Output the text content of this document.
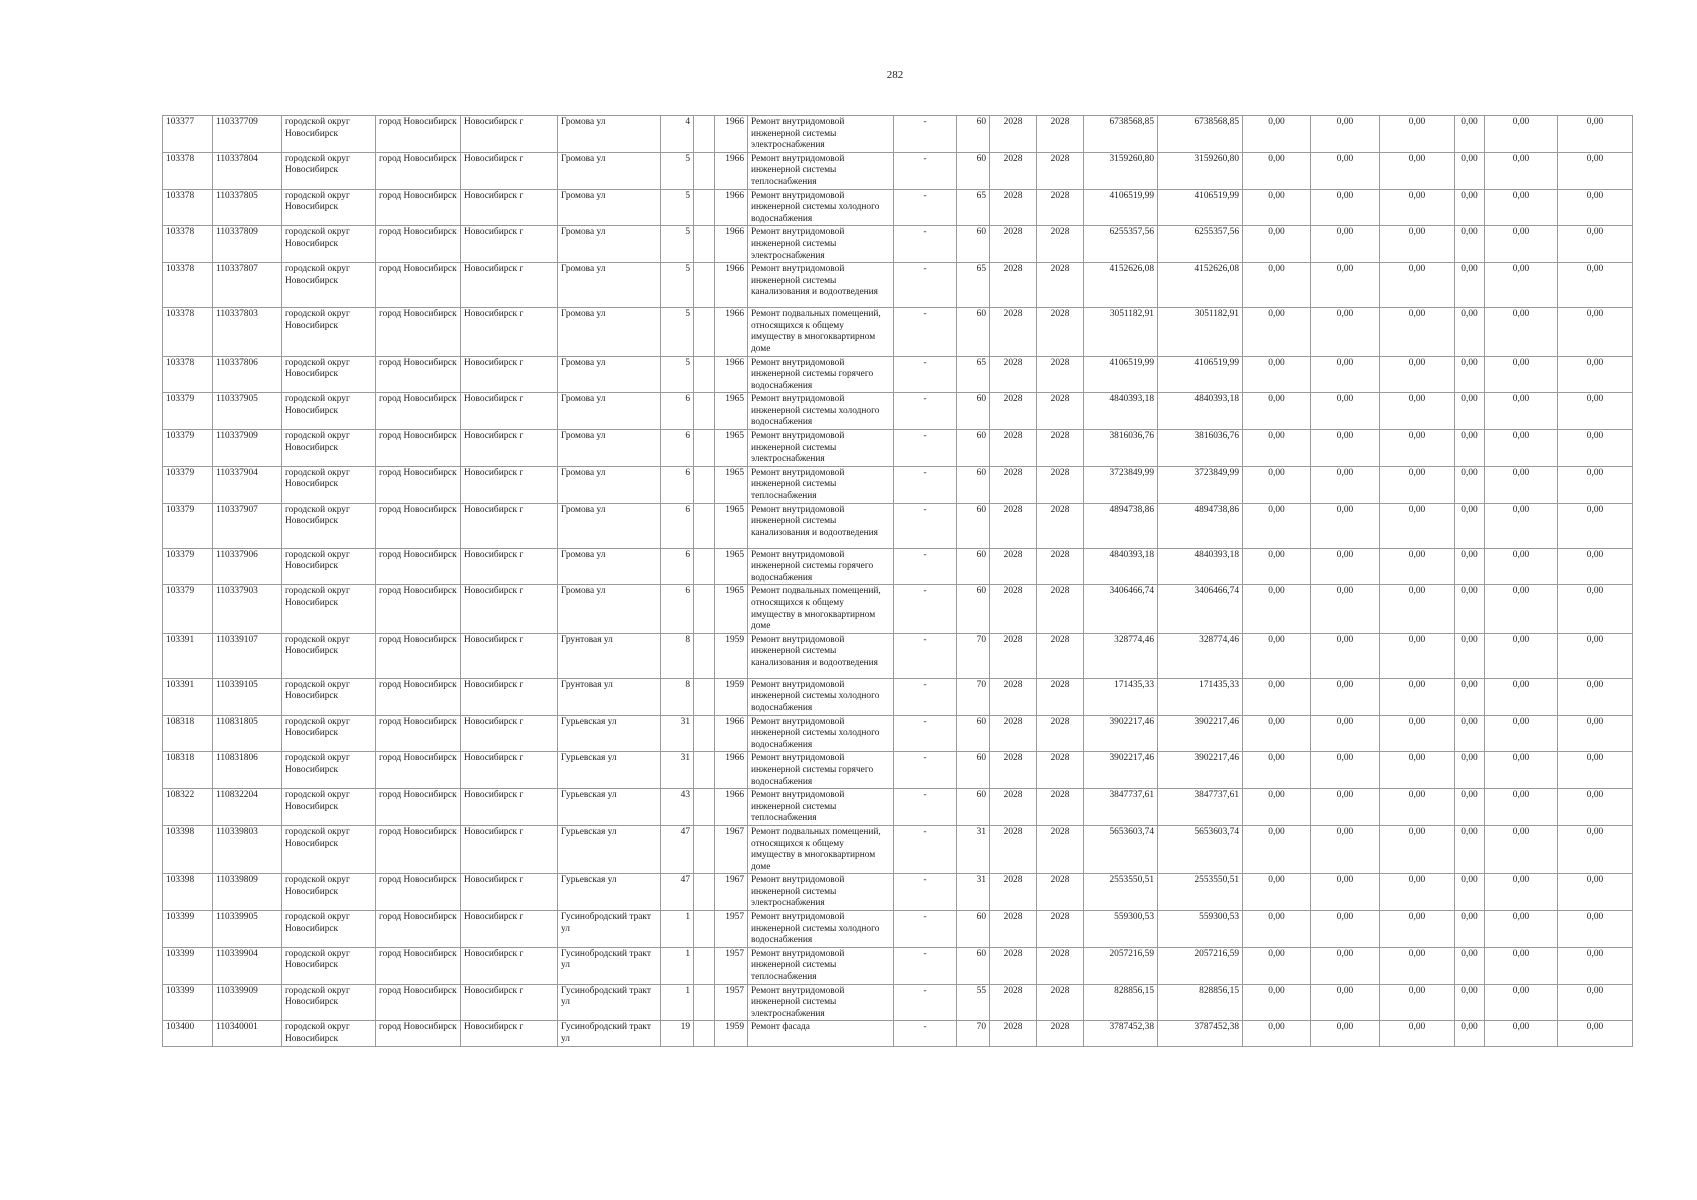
282
103377	110337709	городской округ Новосибирск	город Новосибирск	Новосибирск г	Громова ул	4		1966	Ремонт внутридомовой инженерной системы электроснабжения	-	60	2028	2028	6738568,85	6738568,85	0,00	0,00	0,00	0,00	0,00	0,00
103378	110337804	городской округ Новосибирск	город Новосибирск	Новосибирск г	Громова ул	5		1966	Ремонт внутридомовой инженерной системы теплоснабжения	-	60	2028	2028	3159260,80	3159260,80	0,00	0,00	0,00	0,00	0,00	0,00
103378	110337805	городской округ Новосибирск	город Новосибирск	Новосибирск г	Громова ул	5		1966	Ремонт внутридомовой инженерной системы холодного водоснабжения	-	65	2028	2028	4106519,99	4106519,99	0,00	0,00	0,00	0,00	0,00	0,00
103378	110337809	городской округ Новосибирск	город Новосибирск	Новосибирск г	Громова ул	5		1966	Ремонт внутридомовой инженерной системы электроснабжения	-	60	2028	2028	6255357,56	6255357,56	0,00	0,00	0,00	0,00	0,00	0,00
103378	110337807	городской округ Новосибирск	город Новосибирск	Новосибирск г	Громова ул	5		1966	Ремонт внутридомовой инженерной системы канализования и водоотведения	-	65	2028	2028	4152626,08	4152626,08	0,00	0,00	0,00	0,00	0,00	0,00
103378	110337803	городской округ Новосибирск	город Новосибирск	Новосибирск г	Громова ул	5		1966	Ремонт подвальных помещений, относящихся к общему имуществу в многоквартирном доме	-	60	2028	2028	3051182,91	3051182,91	0,00	0,00	0,00	0,00	0,00	0,00
103378	110337806	городской округ Новосибирск	город Новосибирск	Новосибирск г	Громова ул	5		1966	Ремонт внутридомовой инженерной системы горячего водоснабжения	-	65	2028	2028	4106519,99	4106519,99	0,00	0,00	0,00	0,00	0,00	0,00
103379	110337905	городской округ Новосибирск	город Новосибирск	Новосибирск г	Громова ул	6		1965	Ремонт внутридомовой инженерной системы холодного водоснабжения	-	60	2028	2028	4840393,18	4840393,18	0,00	0,00	0,00	0,00	0,00	0,00
103379	110337909	городской округ Новосибирск	город Новосибирск	Новосибирск г	Громова ул	6		1965	Ремонт внутридомовой инженерной системы электроснабжения	-	60	2028	2028	3816036,76	3816036,76	0,00	0,00	0,00	0,00	0,00	0,00
103379	110337904	городской округ Новосибирск	город Новосибирск	Новосибирск г	Громова ул	6		1965	Ремонт внутридомовой инженерной системы теплоснабжения	-	60	2028	2028	3723849,99	3723849,99	0,00	0,00	0,00	0,00	0,00	0,00
103379	110337907	городской округ Новосибирск	город Новосибирск	Новосибирск г	Громова ул	6		1965	Ремонт внутридомовой инженерной системы канализования и водоотведения	-	60	2028	2028	4894738,86	4894738,86	0,00	0,00	0,00	0,00	0,00	0,00
103379	110337906	городской округ Новосибирск	город Новосибирск	Новосибирск г	Громова ул	6		1965	Ремонт внутридомовой инженерной системы горячего водоснабжения	-	60	2028	2028	4840393,18	4840393,18	0,00	0,00	0,00	0,00	0,00	0,00
103379	110337903	городской округ Новосибирск	город Новосибирск	Новосибирск г	Громова ул	6		1965	Ремонт подвальных помещений, относящихся к общему имуществу в многоквартирном доме	-	60	2028	2028	3406466,74	3406466,74	0,00	0,00	0,00	0,00	0,00	0,00
103391	110339107	городской округ Новосибирск	город Новосибирск	Новосибирск г	Грунтовая ул	8		1959	Ремонт внутридомовой инженерной системы канализования и водоотведения	-	70	2028	2028	328774,46	328774,46	0,00	0,00	0,00	0,00	0,00	0,00
103391	110339105	городской округ Новосибирск	город Новосибирск	Новосибирск г	Грунтовая ул	8		1959	Ремонт внутридомовой инженерной системы холодного водоснабжения	-	70	2028	2028	171435,33	171435,33	0,00	0,00	0,00	0,00	0,00	0,00
108318	110831805	городской округ Новосибирск	город Новосибирск	Новосибирск г	Гурьевская ул	31		1966	Ремонт внутридомовой инженерной системы холодного водоснабжения	-	60	2028	2028	3902217,46	3902217,46	0,00	0,00	0,00	0,00	0,00	0,00
108318	110831806	городской округ Новосибирск	город Новосибирск	Новосибирск г	Гурьевская ул	31		1966	Ремонт внутридомовой инженерной системы горячего водоснабжения	-	60	2028	2028	3902217,46	3902217,46	0,00	0,00	0,00	0,00	0,00	0,00
108322	110832204	городской округ Новосибирск	город Новосибирск	Новосибирск г	Гурьевская ул	43		1966	Ремонт внутридомовой инженерной системы теплоснабжения	-	60	2028	2028	3847737,61	3847737,61	0,00	0,00	0,00	0,00	0,00	0,00
103398	110339803	городской округ Новосибирск	город Новосибирск	Новосибирск г	Гурьевская ул	47		1967	Ремонт подвальных помещений, относящихся к общему имуществу в многоквартирном доме	-	31	2028	2028	5653603,74	5653603,74	0,00	0,00	0,00	0,00	0,00	0,00
103398	110339809	городской округ Новосибирск	город Новосибирск	Новосибирск г	Гурьевская ул	47		1967	Ремонт внутридомовой инженерной системы электроснабжения	-	31	2028	2028	2553550,51	2553550,51	0,00	0,00	0,00	0,00	0,00	0,00
103399	110339905	городской округ Новосибирск	город Новосибирск	Новосибирск г	Гусинобродский тракт ул	1		1957	Ремонт внутридомовой инженерной системы холодного водоснабжения	-	60	2028	2028	559300,53	559300,53	0,00	0,00	0,00	0,00	0,00	0,00
103399	110339904	городской округ Новосибирск	город Новосибирск	Новосибирск г	Гусинобродский тракт ул	1		1957	Ремонт внутридомовой инженерной системы теплоснабжения	-	60	2028	2028	2057216,59	2057216,59	0,00	0,00	0,00	0,00	0,00	0,00
103399	110339909	городской округ Новосибирск	город Новосибирск	Новосибирск г	Гусинобродский тракт ул	1		1957	Ремонт внутридомовой инженерной системы электроснабжения	-	55	2028	2028	828856,15	828856,15	0,00	0,00	0,00	0,00	0,00	0,00
103400	110340001	городской округ Новосибирск	город Новосибирск	Новосибирск г	Гусинобродский тракт ул	19		1959	Ремонт фасада	-	70	2028	2028	3787452,38	3787452,38	0,00	0,00	0,00	0,00	0,00	0,00
